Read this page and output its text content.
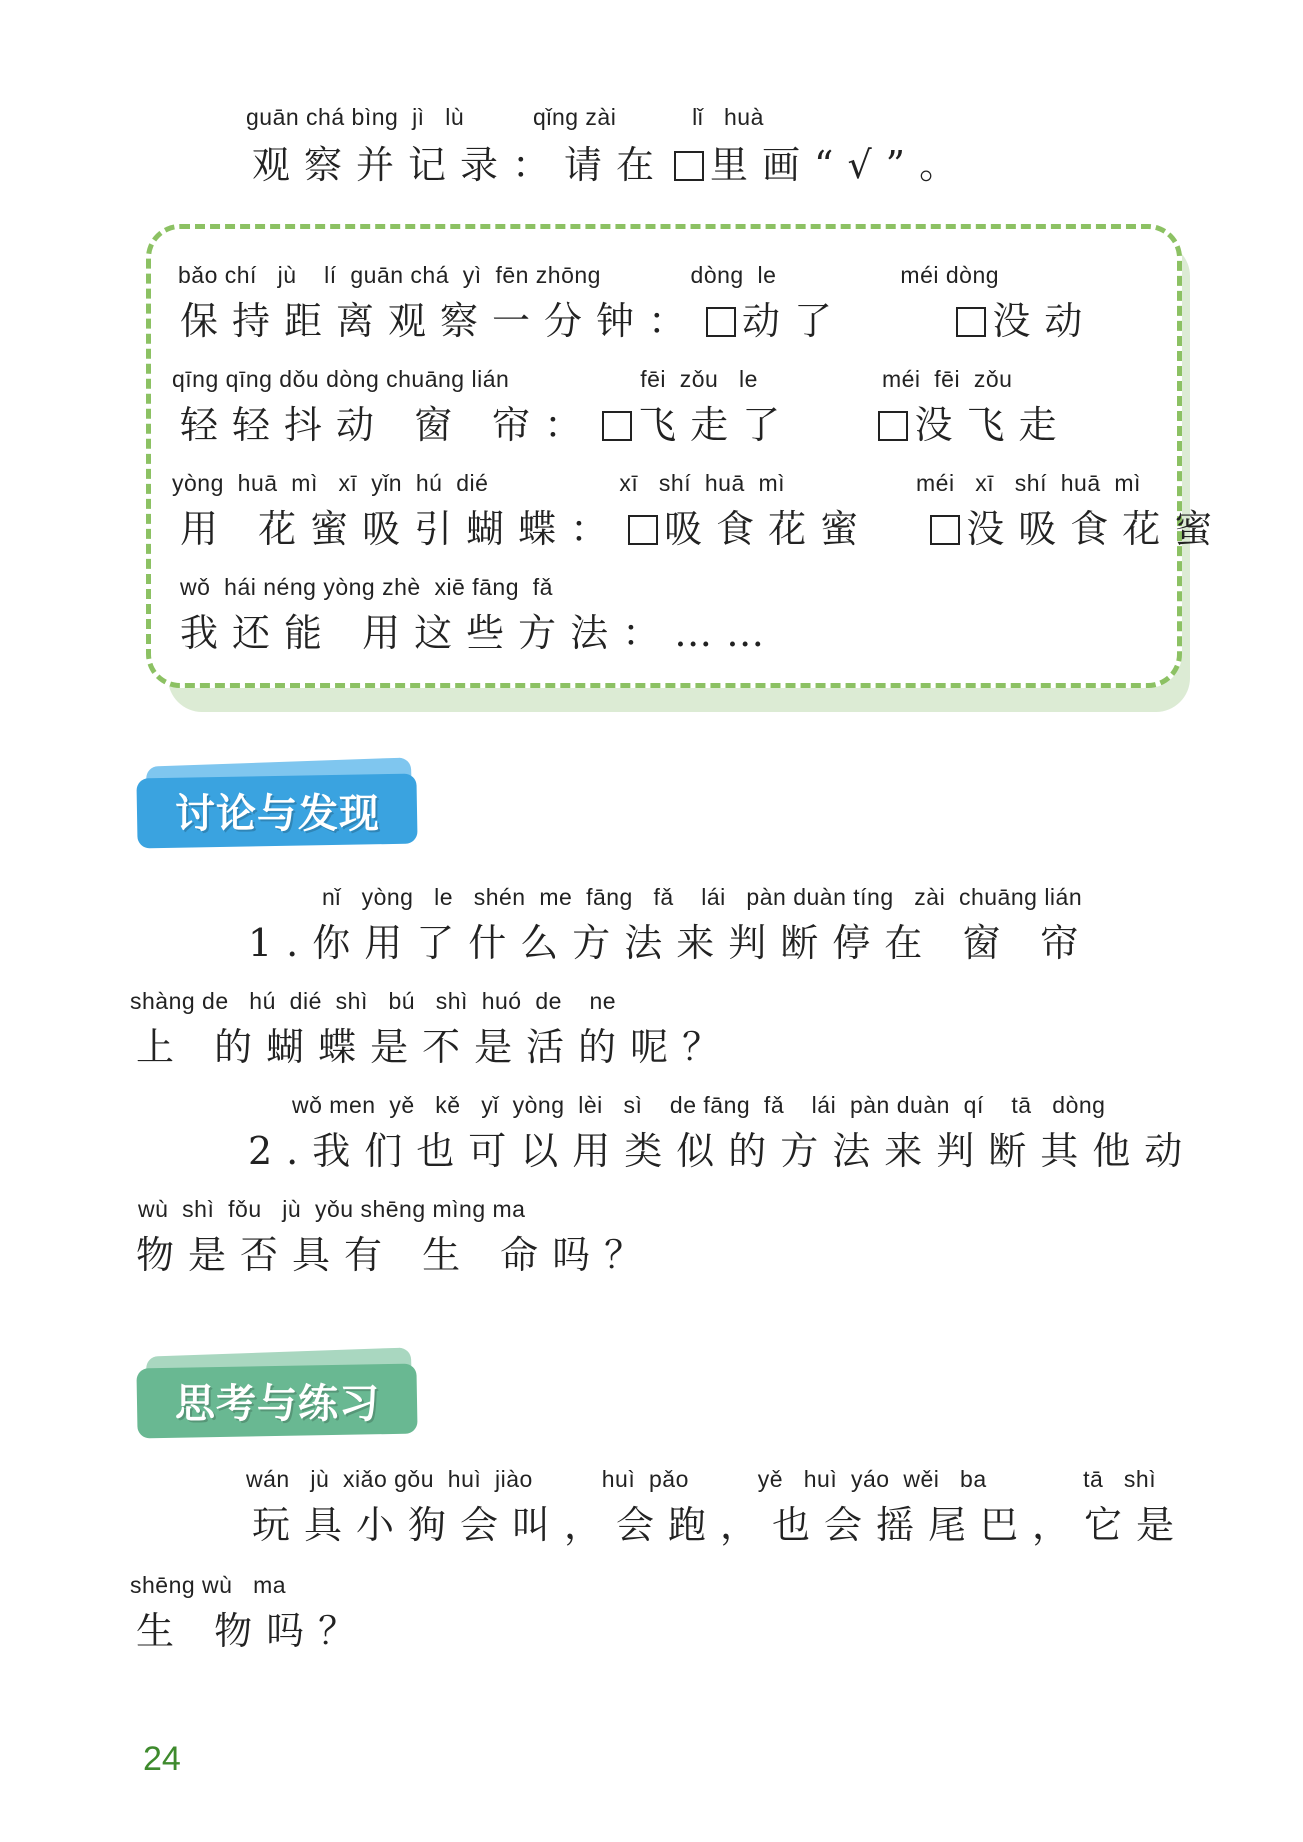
guān chá bìng  jì   lù          qǐng zài           lǐ   huà
观察并记录：请在 里画“√”。
bǎo chí   jù    lí  guān chá  yì  fēn zhōng             dòng  le                  méi dòng
保持距离观察一分钟： 动了	没动
qīng qīng dǒu dòng chuāng lián                   fēi  zǒu   le                  méi  fēi  zǒu
轻轻抖动 窗 帘： 飞走了	没飞走
yòng  huā  mì   xī  yǐn  hú  dié                   xī   shí  huā  mì                   méi   xī   shí  huā  mì
用 花蜜吸引蝴蝶： 吸食花蜜 没吸食花蜜
wǒ  hái néng yòng zhè  xiē fāng  fǎ
我还能 用这些方法：……
讨论与发现
nǐ   yòng   le   shén  me  fāng   fǎ    lái   pàn duàn tíng   zài  chuāng lián
1.你用了什么方法来判断停在 窗 帘
shàng de   hú  dié  shì   bú   shì  huó  de    ne
上 的蝴蝶是不是活的呢？
wǒ men  yě   kě   yǐ  yòng  lèi   sì    de fāng  fǎ    lái  pàn duàn  qí    tā   dòng
2.我们也可以用类似的方法来判断其他动
wù  shì  fǒu   jù  yǒu shēng mìng ma
物是否具有 生 命吗？
思考与练习
wán   jù  xiǎo gǒu  huì  jiào          huì  pǎo          yě   huì  yáo  wěi   ba              tā   shì
玩具小狗会叫，会跑，也会摇尾巴，它是
shēng wù   ma
生 物吗？
24
